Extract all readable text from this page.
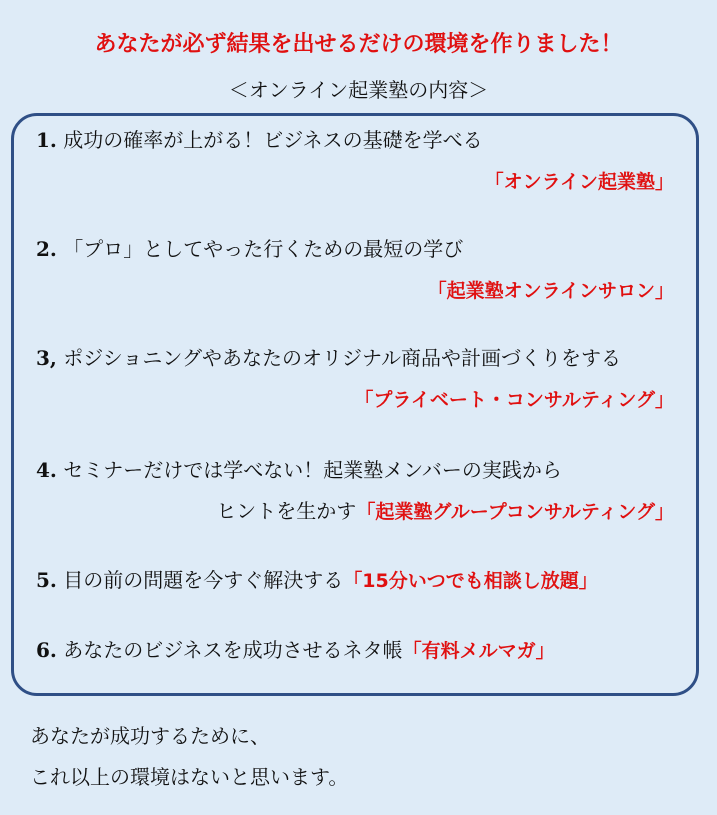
あなたが必ず結果を出せるだけの環境を作りました！
＜オンライン起業塾の内容＞
1. 成功の確率が上がる！ビジネスの基礎を学べる
「オンライン起業塾」
2. 「プロ」としてやった行くための最短の学び
「起業塾オンラインサロン」
3, ポジショニングやあなたのオリジナル商品や計画づくりをする
「プライベート・コンサルティング」
4. セミナーだけでは学べない！起業塾メンバーの実践から
ヒントを生かす「起業塾グループコンサルティング」
5. 目の前の問題を今すぐ解決する「15分いつでも相談し放題」
6. あなたのビジネスを成功させるネタ帳「有料メルマガ」

あなたが成功するために、

これ以上の環境はないと思います。
